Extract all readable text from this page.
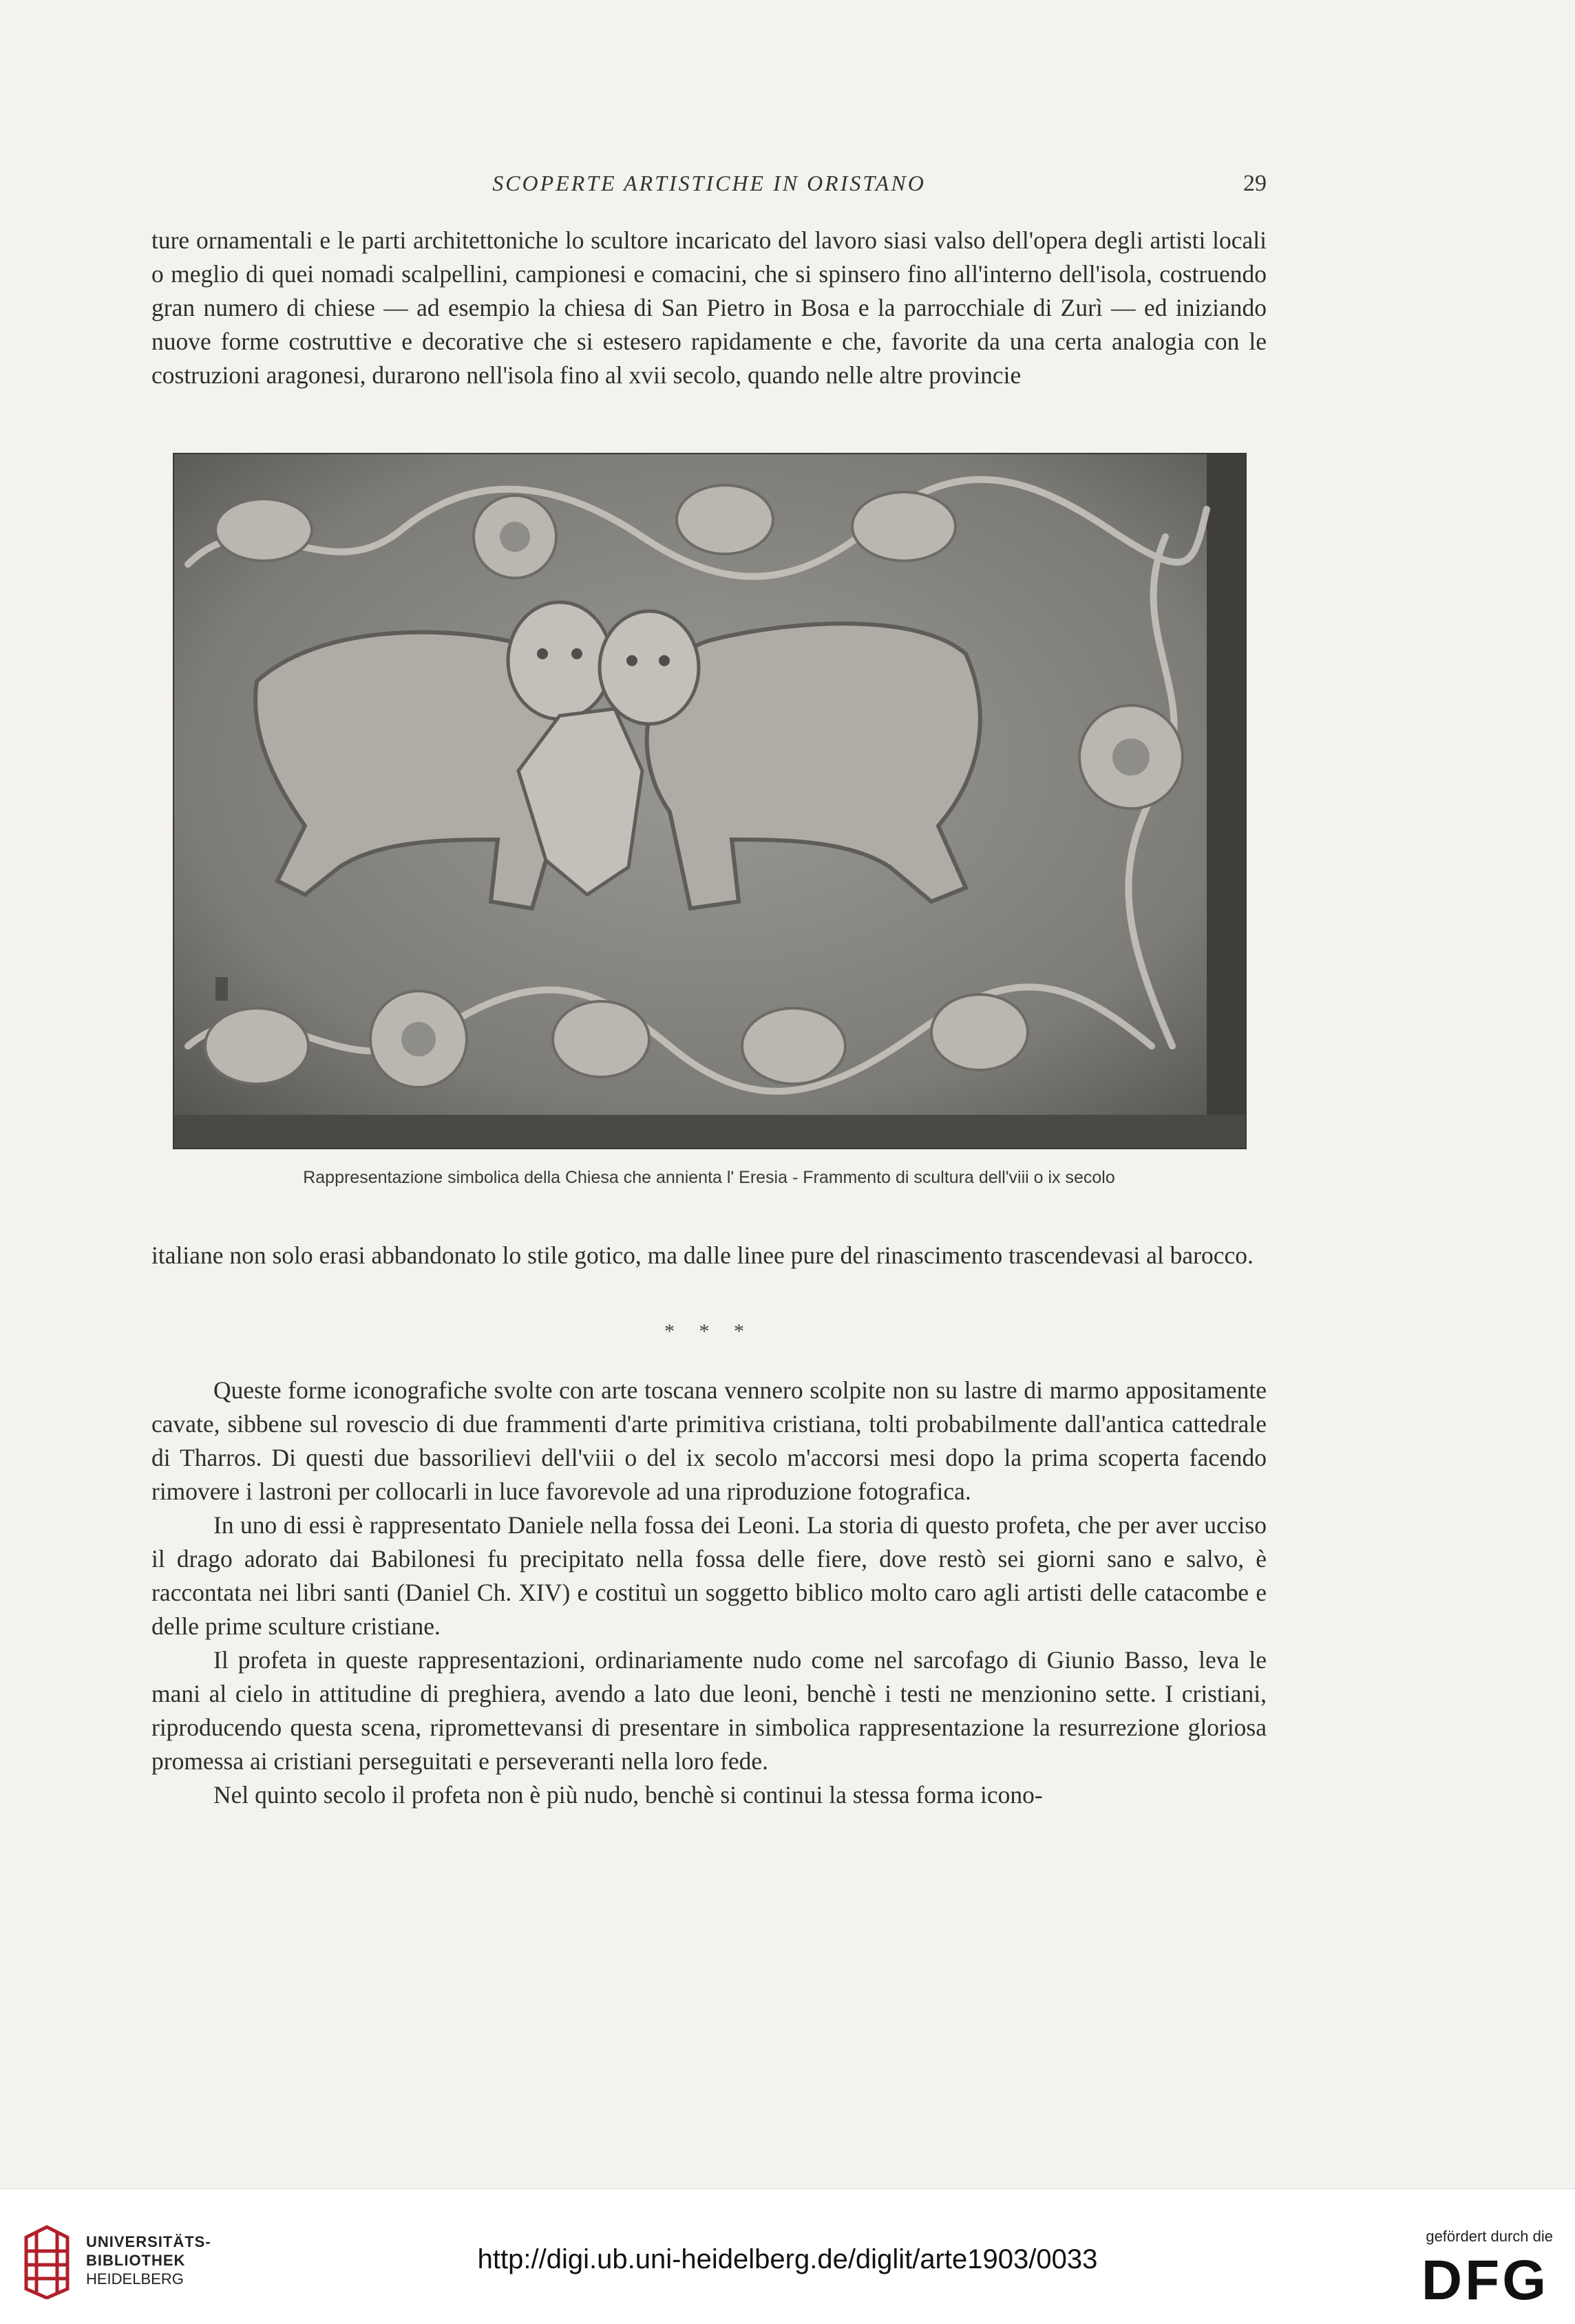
SCOPERTE ARTISTICHE IN ORISTANO	29

ture ornamentali e le parti architettoniche lo scultore incaricato del lavoro siasi valso dell'opera degli artisti locali o meglio di quei nomadi scalpellini, campionesi e comacini, che si spinsero fino all'interno dell'isola, costruendo gran numero di chiese — ad esempio la chiesa di San Pietro in Bosa e la parrocchiale di Zurì — ed iniziando nuove forme costruttive e decorative che si estesero rapidamente e che, favorite da una certa analogia con le costruzioni aragonesi, durarono nell'isola fino al xvii secolo, quando nelle altre provincie

Rappresentazione simbolica della Chiesa che annienta l' Eresia - Frammento di scultura dell'viii o ix secolo

italiane non solo erasi abbandonato lo stile gotico, ma dalle linee pure del rinascimento trascendevasi al barocco.

* * *

Queste forme iconografiche svolte con arte toscana vennero scolpite non su lastre di marmo appositamente cavate, sibbene sul rovescio di due frammenti d'arte primitiva cristiana, tolti probabilmente dall'antica cattedrale di Tharros. Di questi due bassorilievi dell'viii o del ix secolo m'accorsi mesi dopo la prima scoperta facendo rimovere i lastroni per collocarli in luce favorevole ad una riproduzione fotografica.

In uno di essi è rappresentato Daniele nella fossa dei Leoni. La storia di questo profeta, che per aver ucciso il drago adorato dai Babilonesi fu precipitato nella fossa delle fiere, dove restò sei giorni sano e salvo, è raccontata nei libri santi (Daniel Ch. XIV) e costituì un soggetto biblico molto caro agli artisti delle catacombe e delle prime sculture cristiane.

Il profeta in queste rappresentazioni, ordinariamente nudo come nel sarcofago di Giunio Basso, leva le mani al cielo in attitudine di preghiera, avendo a lato due leoni, benchè i testi ne menzionino sette. I cristiani, riproducendo questa scena, ripromettevansi di presentare in simbolica rappresentazione la resurrezione gloriosa promessa ai cristiani perseguitati e perseveranti nella loro fede.

Nel quinto secolo il profeta non è più nudo, benchè si continui la stessa forma icono-

UNIVERSITÄTS-
BIBLIOTHEK
HEIDELBERG
http://digi.ub.uni-heidelberg.de/diglit/arte1903/0033
gefördert durch die
DFG
